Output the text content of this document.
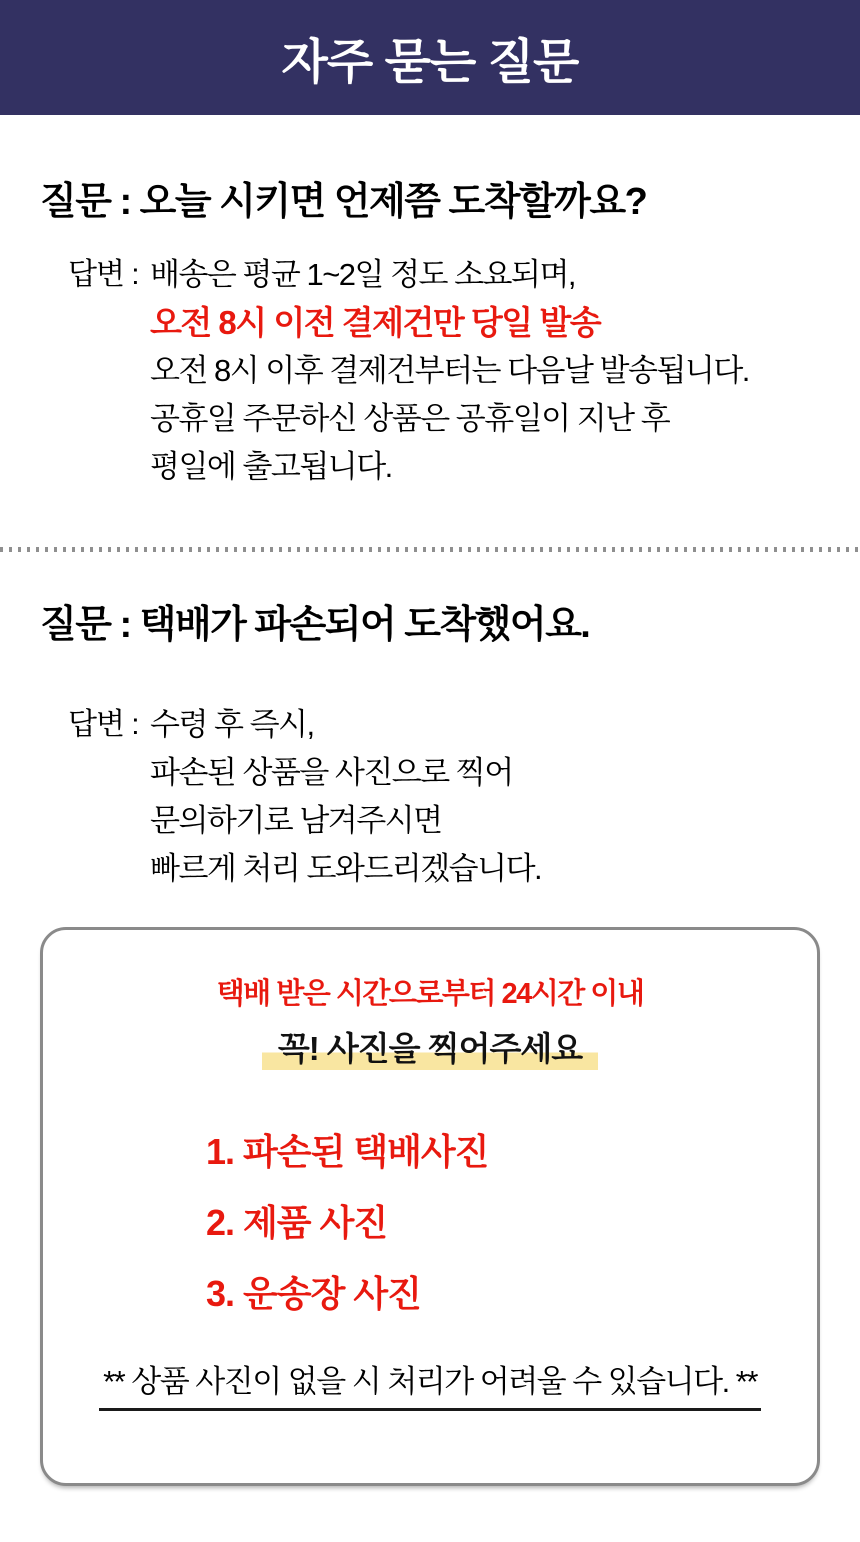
자주 묻는 질문
질문 : 오늘 시키면 언제쯤 도착할까요?
답변 : 배송은 평균 1~2일 정도 소요되며,

오전 8시 이전 결제건만 당일 발송

오전 8시 이후 결제건부터는 다음날 발송됩니다.

공휴일 주문하신 상품은 공휴일이 지난 후

평일에 출고됩니다.

질문 : 택배가 파손되어 도착했어요.
답변 : 수령 후 즉시,

파손된 상품을 사진으로 찍어

문의하기로 남겨주시면

빠르게 처리 도와드리겠습니다.

택배 받은 시간으로부터 24시간 이내

꼭! 사진을 찍어주세요

1. 파손된 택배사진
2. 제품 사진
3. 운송장 사진

** 상품 사진이 없을 시 처리가 어려울 수 있습니다. **
